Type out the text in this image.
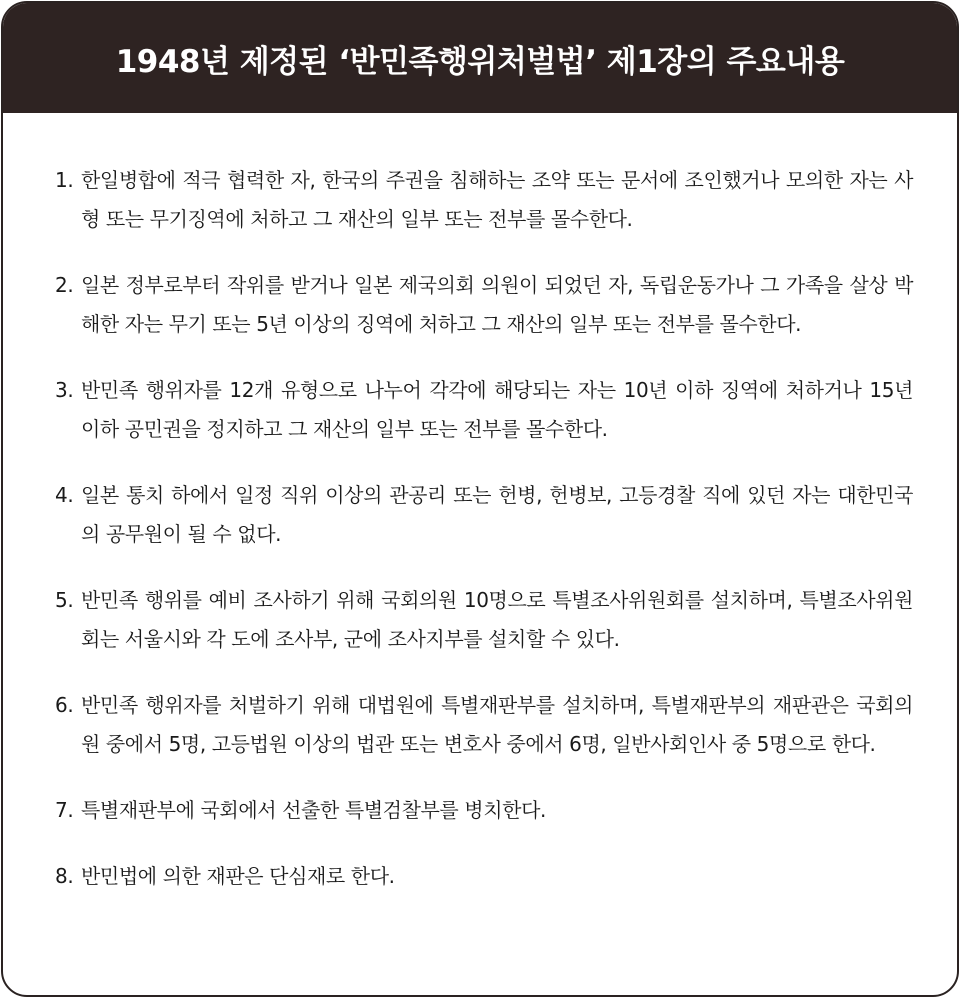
1948년 제정된 ‘반민족행위처벌법’ 제1장의 주요내용
1. 한일병합에 적극 협력한 자, 한국의 주권을 침해하는 조약 또는 문서에 조인했거나 모의한 자는 사형 또는 무기징역에 처하고 그 재산의 일부 또는 전부를 몰수한다.
2. 일본 정부로부터 작위를 받거나 일본 제국의회 의원이 되었던 자, 독립운동가나 그 가족을 살상 박해한 자는 무기 또는 5년 이상의 징역에 처하고 그 재산의 일부 또는 전부를 몰수한다.
3. 반민족 행위자를 12개 유형으로 나누어 각각에 해당되는 자는 10년 이하 징역에 처하거나 15년 이하 공민권을 정지하고 그 재산의 일부 또는 전부를 몰수한다.
4. 일본 통치 하에서 일정 직위 이상의 관공리 또는 헌병, 헌병보, 고등경찰 직에 있던 자는 대한민국의 공무원이 될 수 없다.
5. 반민족 행위를 예비 조사하기 위해 국회의원 10명으로 특별조사위원회를 설치하며, 특별조사위원회는 서울시와 각 도에 조사부, 군에 조사지부를 설치할 수 있다.
6. 반민족 행위자를 처벌하기 위해 대법원에 특별재판부를 설치하며, 특별재판부의 재판관은 국회의원 중에서 5명, 고등법원 이상의 법관 또는 변호사 중에서 6명, 일반사회인사 중 5명으로 한다.
7. 특별재판부에 국회에서 선출한 특별검찰부를 병치한다.
8. 반민법에 의한 재판은 단심재로 한다.
